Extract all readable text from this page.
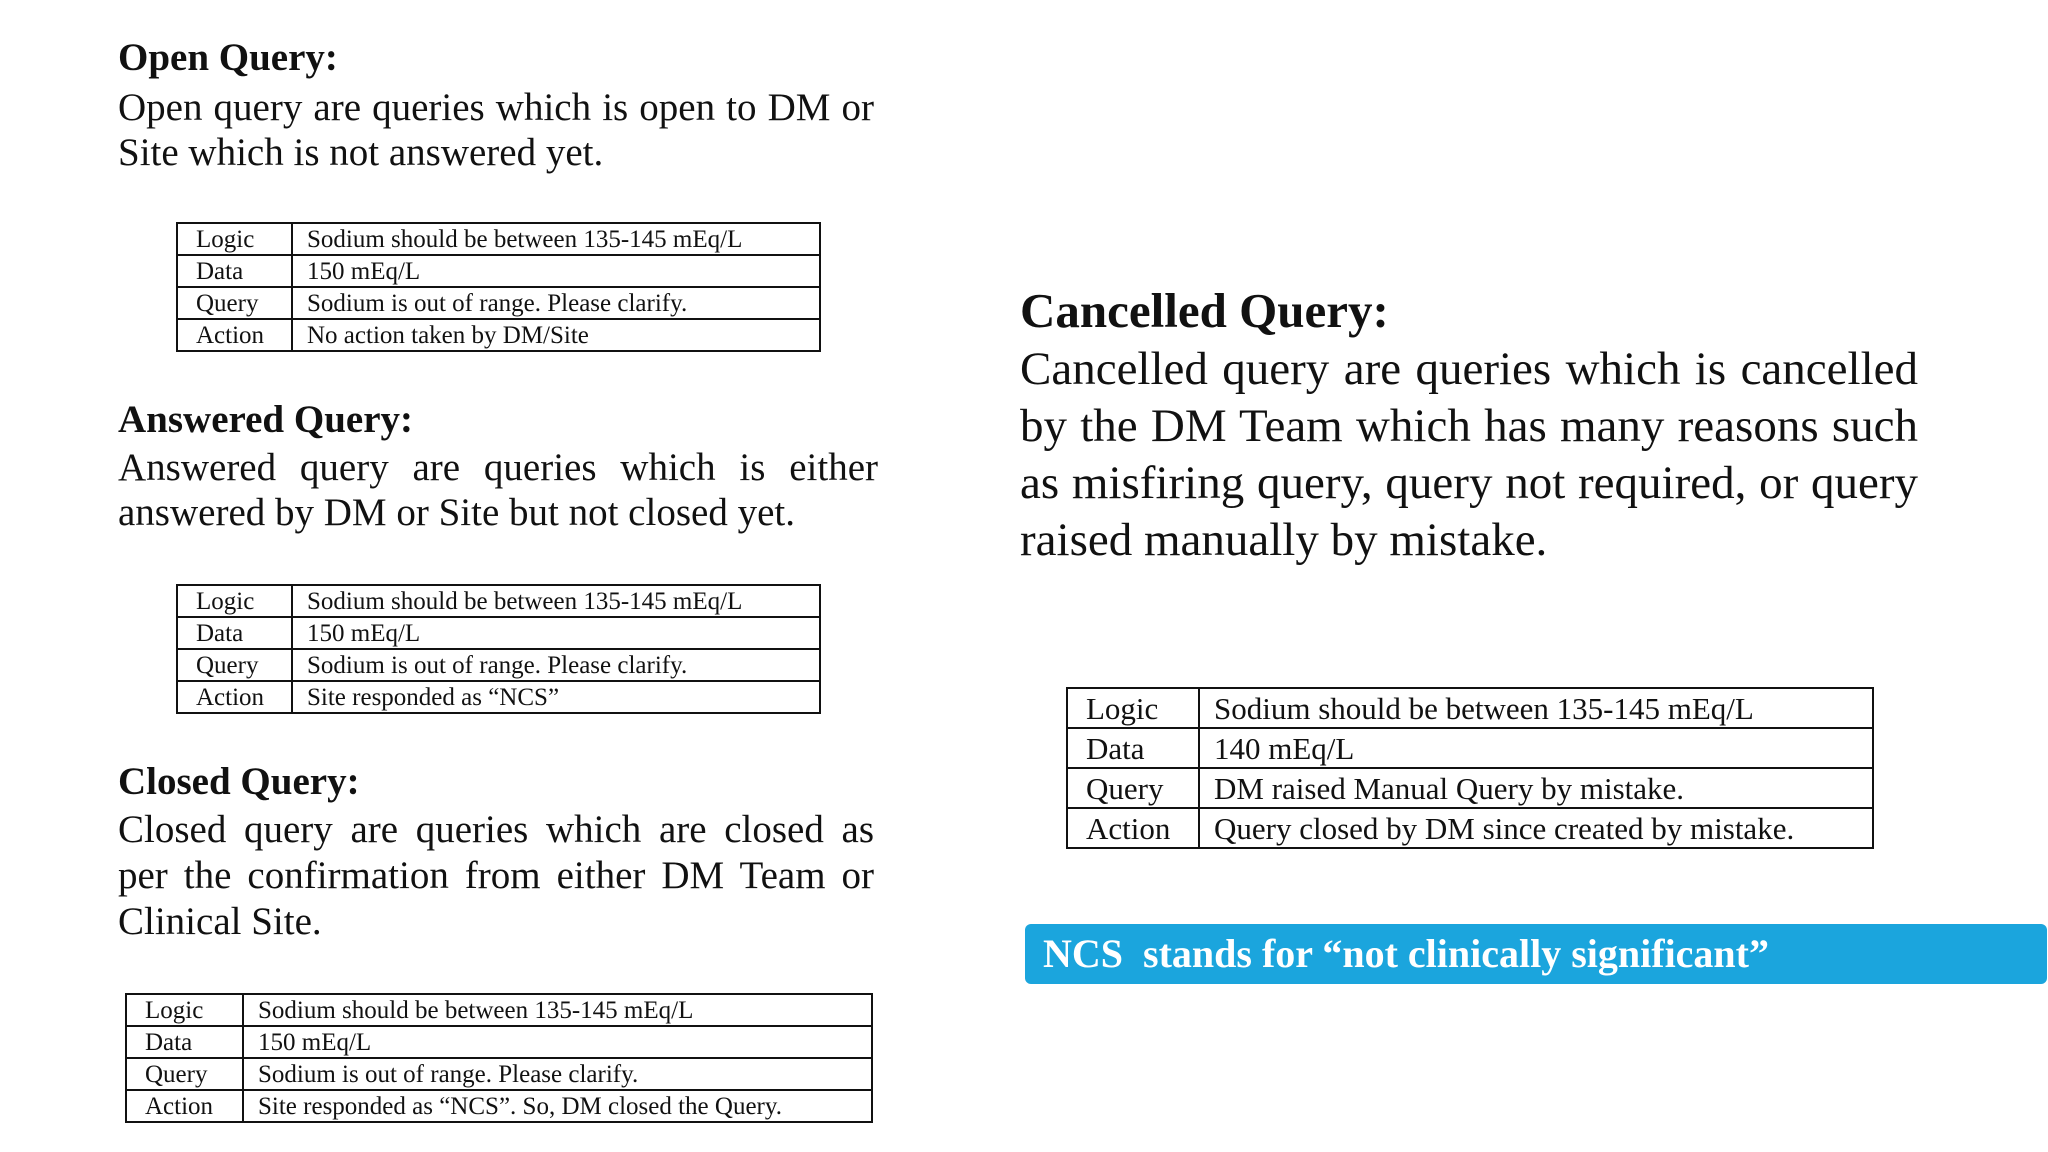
Open Query:

Open query are queries which is open to DM or Site which is not answered yet.

Logic	Sodium should be between 135-145 mEq/L
Data	150 mEq/L
Query	Sodium is out of range. Please clarify.
Action	No action taken by DM/Site

Answered Query:

Answered query are queries which is either answered by DM or Site but not closed yet.

Logic	Sodium should be between 135-145 mEq/L
Data	150 mEq/L
Query	Sodium is out of range. Please clarify.
Action	Site responded as “NCS”

Closed Query:

Closed query are queries which are closed as per the confirmation from either DM Team or Clinical Site.

Logic	Sodium should be between 135-145 mEq/L
Data	150 mEq/L
Query	Sodium is out of range. Please clarify.
Action	Site responded as “NCS”. So, DM closed the Query.

Cancelled Query:

Cancelled query are queries which is cancelled by the DM Team which has many reasons such as misfiring query, query not required, or query raised manually by mistake.

Logic	Sodium should be between 135-145 mEq/L
Data	140 mEq/L
Query	DM raised Manual Query by mistake.
Action	Query closed by DM since created by mistake.
NCS  stands for “not clinically significant”
